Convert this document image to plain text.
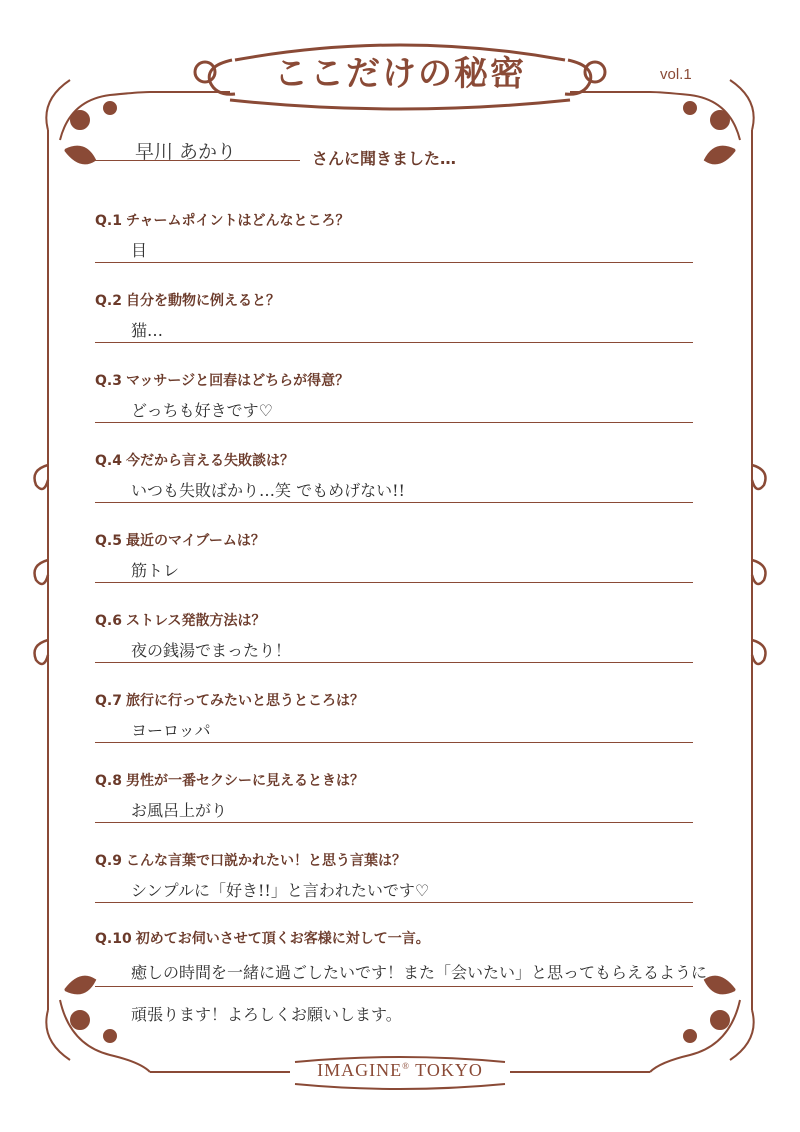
ここだけの秘密	vol.1
早川 あかり	さんに聞きました…
Q.1 チャームポイントはどんなところ？
目
Q.2 自分を動物に例えると？
猫…
Q.3 マッサージと回春はどちらが得意？
どっちも好きです♡
Q.4 今だから言える失敗談は？
いつも失敗ばかり…笑 でもめげない!!
Q.5 最近のマイブームは？
筋トレ
Q.6 ストレス発散方法は？
夜の銭湯でまったり！
Q.7 旅行に行ってみたいと思うところは？
ヨーロッパ
Q.8 男性が一番セクシーに見えるときは？
お風呂上がり
Q.9 こんな言葉で口説かれたい！と思う言葉は？
シンプルに「好き!!」と言われたいです♡
Q.10 初めてお伺いさせて頂くお客様に対して一言。
癒しの時間を一緒に過ごしたいです！また「会いたい」と思ってもらえるように
頑張ります！よろしくお願いします。
IMAGINE® TOKYO
